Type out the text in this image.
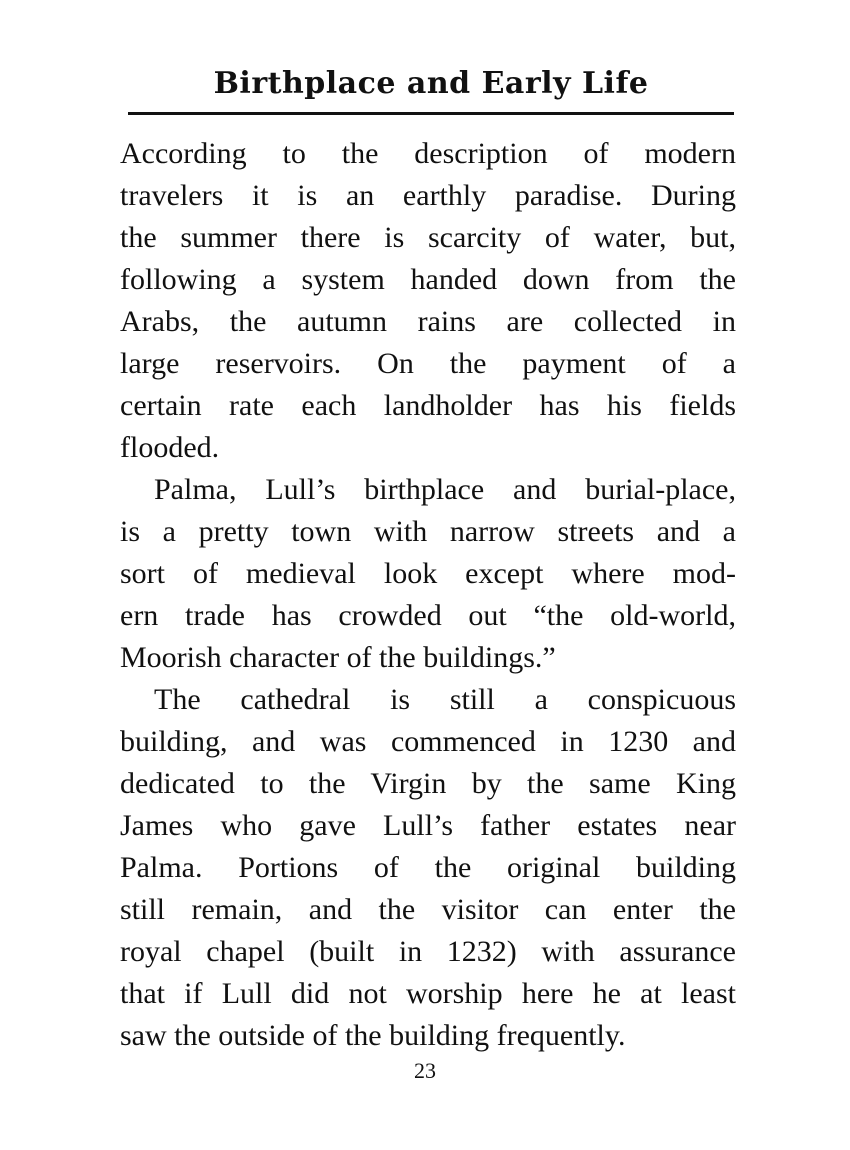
Birthplace and Early Life
According to the description of modern
travelers it is an earthly paradise. During
the summer there is scarcity of water, but,
following a system handed down from the
Arabs, the autumn rains are collected in
large reservoirs. On the payment of a
certain rate each landholder has his fields
flooded.
Palma, Lull’s birthplace and burial-place,
is a pretty town with narrow streets and a
sort of medieval look except where mod-
ern trade has crowded out “the old-world,
Moorish character of the buildings.”
The cathedral is still a conspicuous
building, and was commenced in 1230 and
dedicated to the Virgin by the same King
James who gave Lull’s father estates near
Palma. Portions of the original building
still remain, and the visitor can enter the
royal chapel (built in 1232) with assurance
that if Lull did not worship here he at least
saw the outside of the building frequently.
23
